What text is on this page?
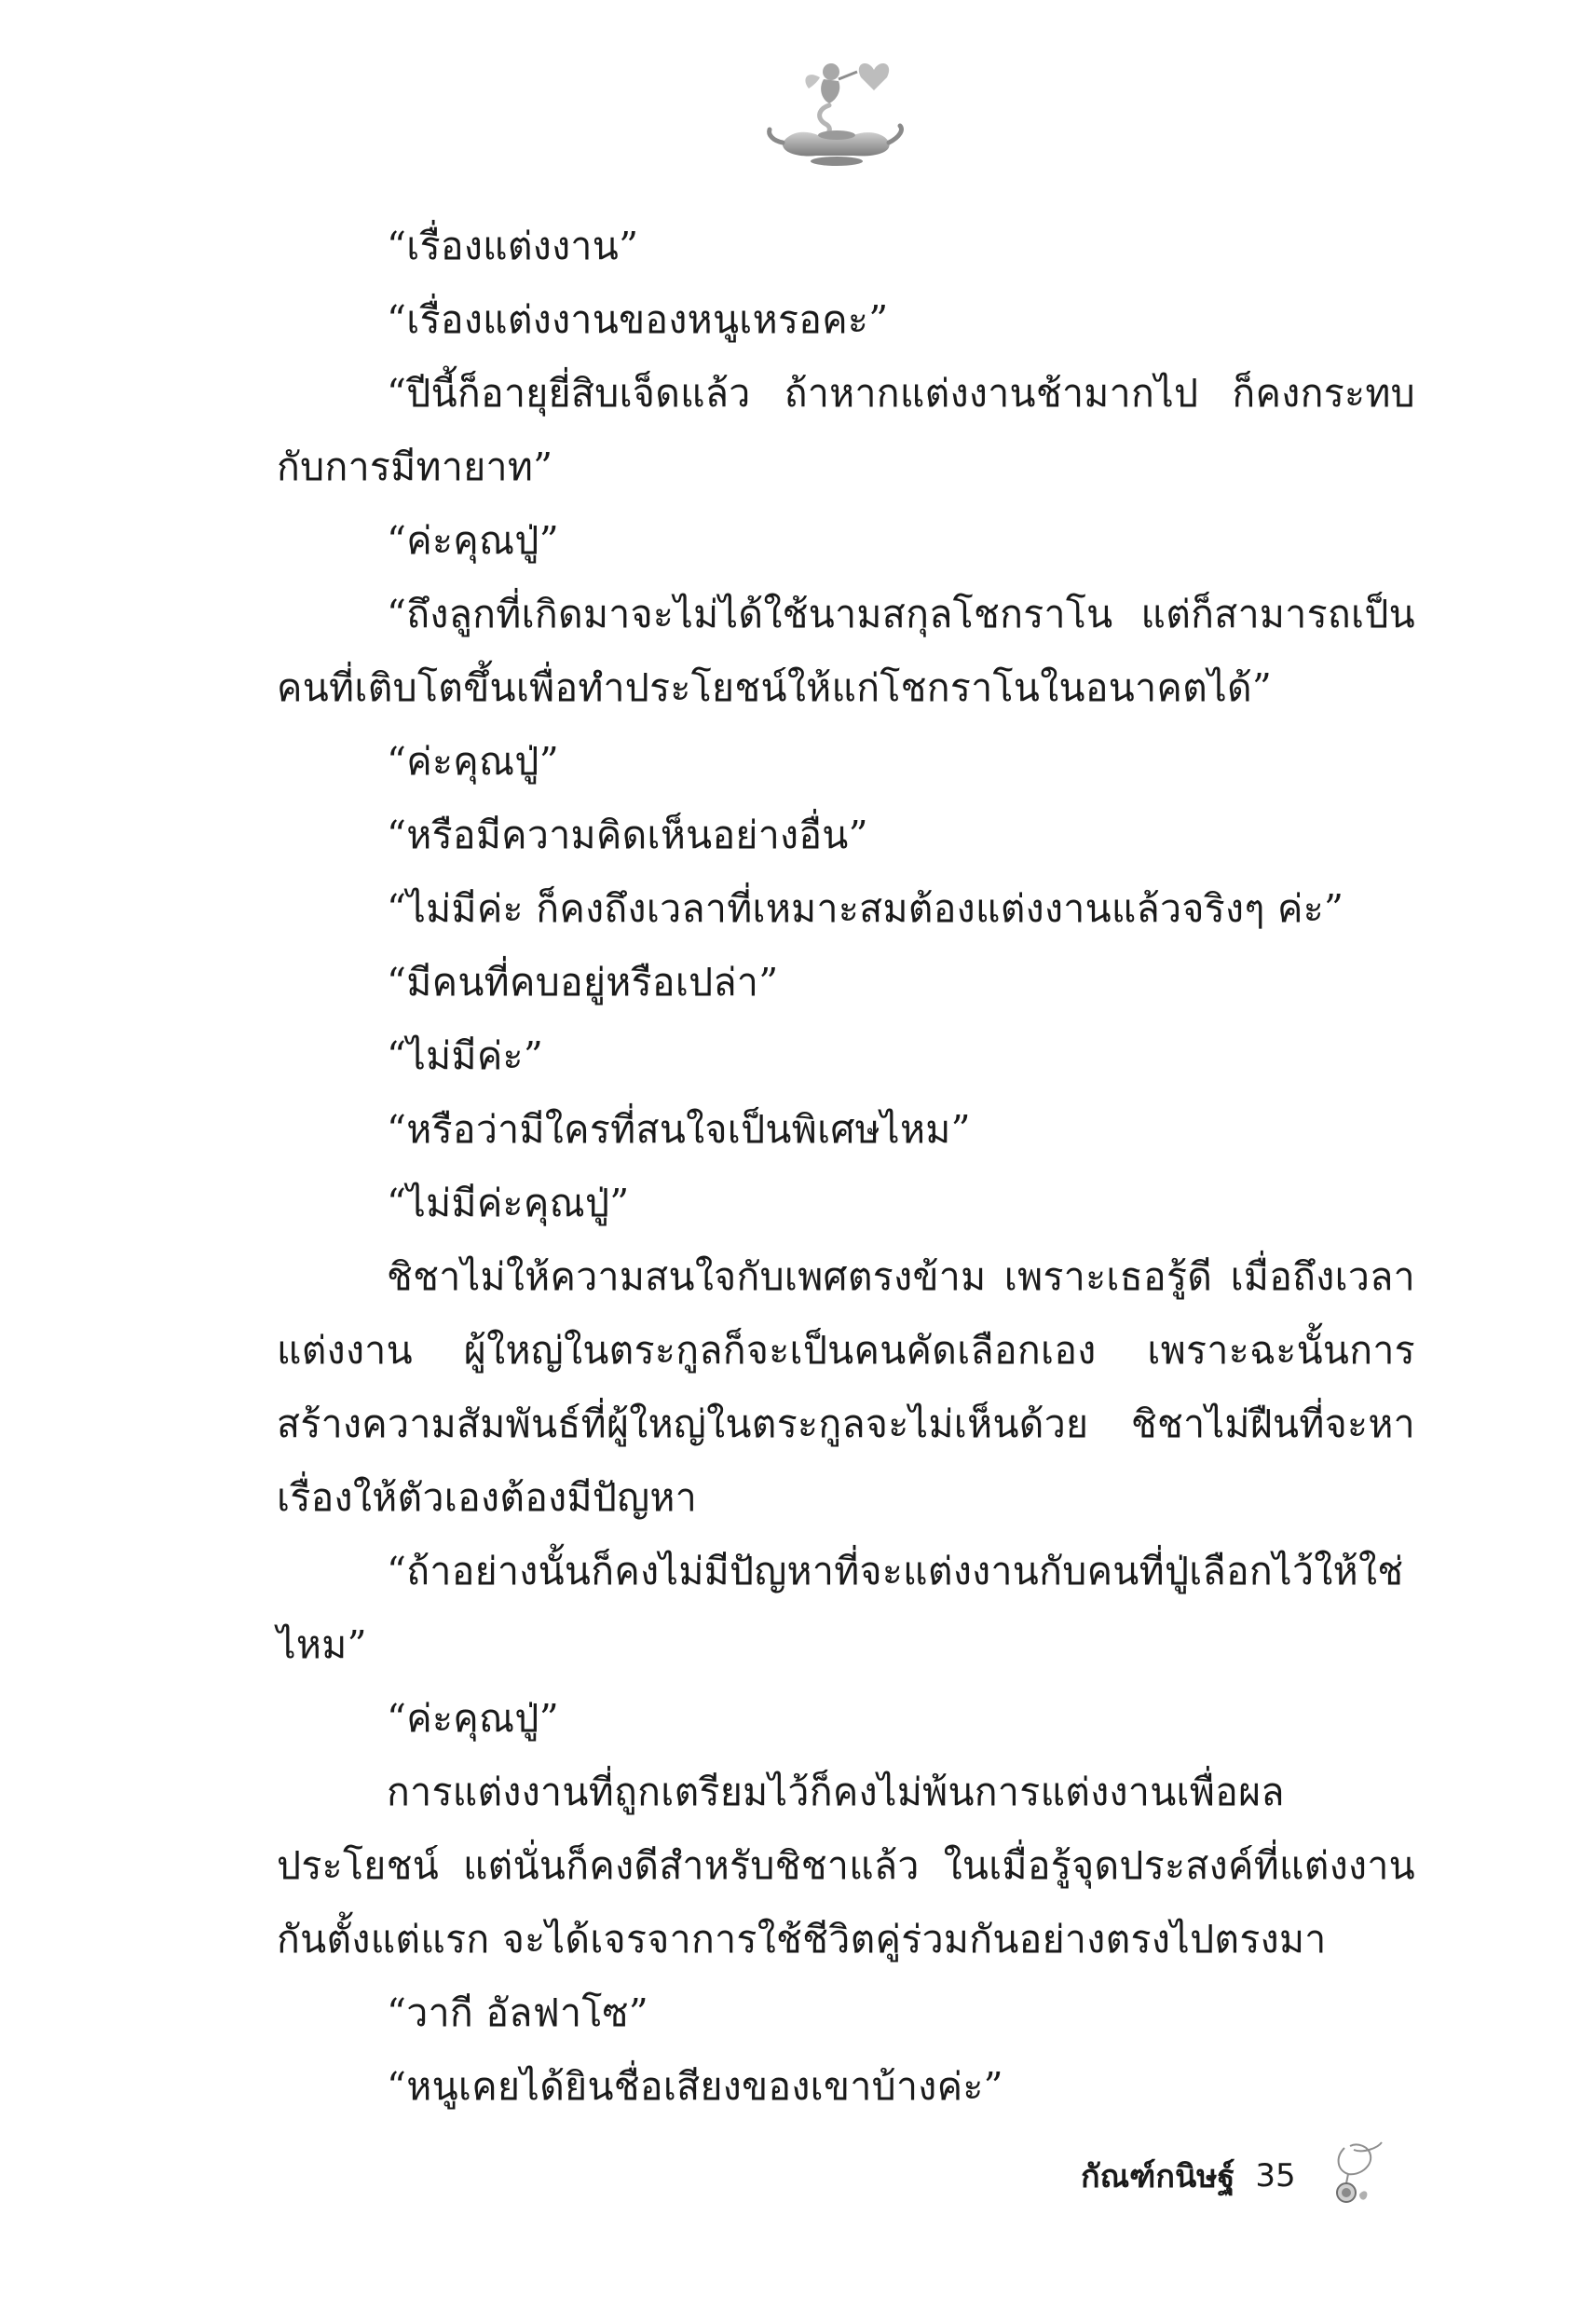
“เรื่องแต่งงาน”

“เรื่องแต่งงานของหนูเหรอคะ”

“ปีนี้ก็อายุยี่สิบเจ็ดแล้ว ถ้าหากแต่งงานช้ามากไป ก็คงกระทบกับการมีทายาท”

“ค่ะคุณปู่”

“ถึงลูกที่เกิดมาจะไม่ได้ใช้นามสกุลโชกราโน แต่ก็สามารถเป็นคนที่เติบโตขึ้นเพื่อทำประโยชน์ให้แก่โชกราโนในอนาคตได้”

“ค่ะคุณปู่”

“หรือมีความคิดเห็นอย่างอื่น”

“ไม่มีค่ะ ก็คงถึงเวลาที่เหมาะสมต้องแต่งงานแล้วจริงๆ ค่ะ”

“มีคนที่คบอยู่หรือเปล่า”

“ไม่มีค่ะ”

“หรือว่ามีใครที่สนใจเป็นพิเศษไหม”

“ไม่มีค่ะคุณปู่”

ชิชาไม่ให้ความสนใจกับเพศตรงข้าม เพราะเธอรู้ดี เมื่อถึงเวลาแต่งงาน ผู้ใหญ่ในตระกูลก็จะเป็นคนคัดเลือกเอง เพราะฉะนั้นการสร้างความสัมพันธ์ที่ผู้ใหญ่ในตระกูลจะไม่เห็นด้วย ชิชาไม่ฝืนที่จะหาเรื่องให้ตัวเองต้องมีปัญหา

“ถ้าอย่างนั้นก็คงไม่มีปัญหาที่จะแต่งงานกับคนที่ปู่เลือกไว้ให้ใช่ไหม”

“ค่ะคุณปู่”

การแต่งงานที่ถูกเตรียมไว้ก็คงไม่พ้นการแต่งงานเพื่อผลประโยชน์ แต่นั่นก็คงดีสำหรับชิชาแล้ว ในเมื่อรู้จุดประสงค์ที่แต่งงานกันตั้งแต่แรก จะได้เจรจาการใช้ชีวิตคู่ร่วมกันอย่างตรงไปตรงมา

“วากี อัลฟาโซ”

“หนูเคยได้ยินชื่อเสียงของเขาบ้างค่ะ”

กัณฑ์กนิษฐ์ 35
